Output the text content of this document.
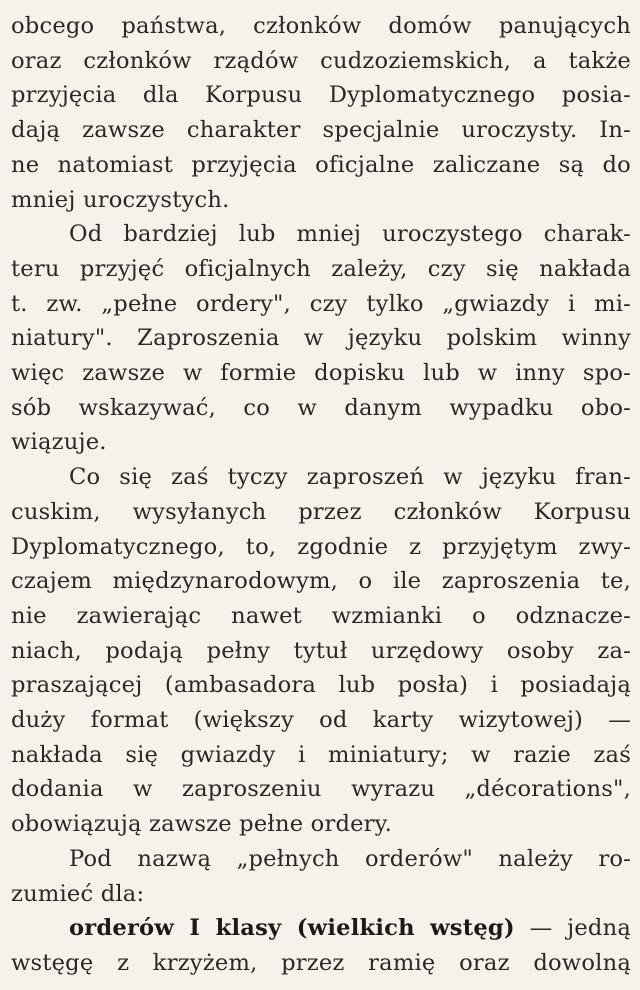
obcego państwa, członków domów panujących
oraz członków rządów cudzoziemskich, a także
przyjęcia dla Korpusu Dyplomatycznego posia-
dają zawsze charakter specjalnie uroczysty. In-
ne natomiast przyjęcia oficjalne zaliczane są do
mniej uroczystych.

Od bardziej lub mniej uroczystego charak-
teru przyjęć oficjalnych zależy, czy się nakłada
t. zw. „pełne ordery", czy tylko „gwiazdy i mi-
niatury". Zaproszenia w języku polskim winny
więc zawsze w formie dopisku lub w inny spo-
sób wskazywać, co w danym wypadku obo-
wiązuje.

Co się zaś tyczy zaproszeń w języku fran-
cuskim, wysyłanych przez członków Korpusu
Dyplomatycznego, to, zgodnie z przyjętym zwy-
czajem międzynarodowym, o ile zaproszenia te,
nie zawierając nawet wzmianki o odznacze-
niach, podają pełny tytuł urzędowy osoby za-
praszającej (ambasadora lub posła) i posiadają
duży format (większy od karty wizytowej) —
nakłada się gwiazdy i miniatury; w razie zaś
dodania w zaproszeniu wyrazu „décorations",
obowiązują zawsze pełne ordery.

Pod nazwą „pełnych orderów" należy ro-
zumieć dla:

orderów I klasy (wielkich wstęg) — jedną
wstęgę z krzyżem, przez ramię oraz dowolną
